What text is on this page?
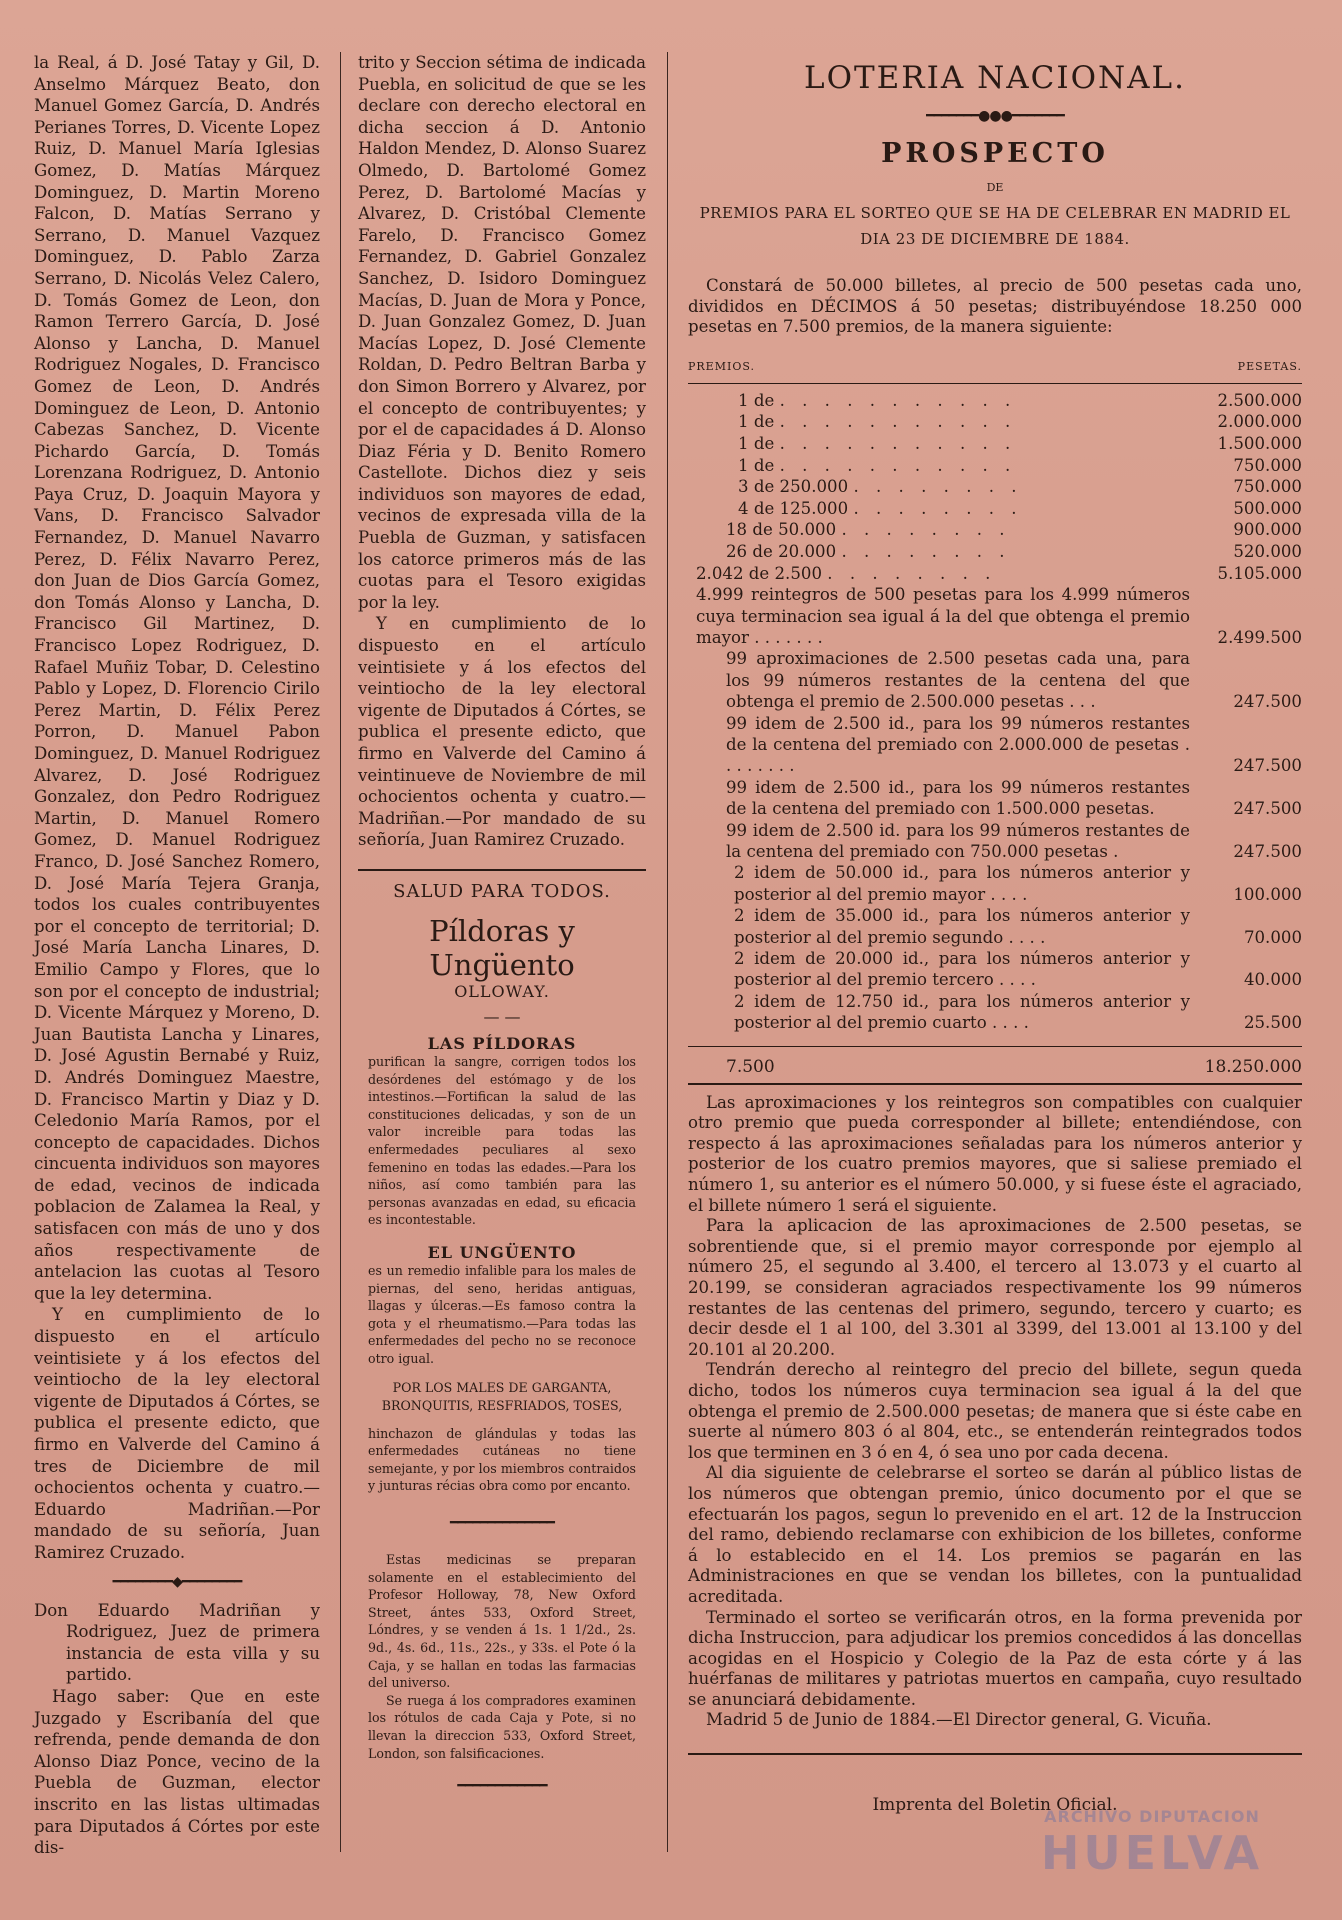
la Real, á D. José Tatay y Gil, D. Anselmo Márquez Beato, don Manuel Gomez García, D. Andrés Perianes Torres, D. Vicente Lopez Ruiz, D. Manuel María Iglesias Gomez, D. Matías Márquez Dominguez, D. Martin Moreno Falcon, D. Matías Serrano y Serrano, D. Manuel Vazquez Dominguez, D. Pablo Zarza Serrano, D. Nicolás Velez Calero, D. Tomás Gomez de Leon, don Ramon Terrero García, D. José Alonso y Lancha, D. Manuel Rodriguez Nogales, D. Francisco Gomez de Leon, D. Andrés Dominguez de Leon, D. Antonio Cabezas Sanchez, D. Vicente Pichardo García, D. Tomás Lorenzana Rodriguez, D. Antonio Paya Cruz, D. Joaquin Mayora y Vans, D. Francisco Salvador Fernandez, D. Manuel Navarro Perez, D. Félix Navarro Perez, don Juan de Dios García Gomez, don Tomás Alonso y Lancha, D. Francisco Gil Martinez, D. Francisco Lopez Rodriguez, D. Rafael Muñiz Tobar, D. Celestino Pablo y Lopez, D. Florencio Cirilo Perez Martin, D. Félix Perez Porron, D. Manuel Pabon Dominguez, D. Manuel Rodriguez Alvarez, D. José Rodriguez Gonzalez, don Pedro Rodriguez Martin, D. Manuel Romero Gomez, D. Manuel Rodriguez Franco, D. José Sanchez Romero, D. José María Tejera Granja, todos los cuales contribuyentes por el concepto de territorial; D. José María Lancha Linares, D. Emilio Campo y Flores, que lo son por el concepto de industrial; D. Vicente Márquez y Moreno, D. Juan Bautista Lancha y Linares, D. José Agustin Bernabé y Ruiz, D. Andrés Dominguez Maestre, D. Francisco Martin y Diaz y D. Celedonio María Ramos, por el concepto de capacidades. Dichos cincuenta individuos son mayores de edad, vecinos de indicada poblacion de Zalamea la Real, y satisfacen con más de uno y dos años respectivamente de antelacion las cuotas al Tesoro que la ley determina.

Y en cumplimiento de lo dispuesto en el artículo veintisiete y á los efectos del veintiocho de la ley electoral vigente de Diputados á Córtes, se publica el presente edicto, que firmo en Valverde del Camino á tres de Diciembre de mil ochocientos ochenta y cuatro.—Eduardo Madriñan.—Por mandado de su señoría, Juan Ramirez Cruzado.

━━━━━━━━◆━━━━━━━━

Don Eduardo Madriñan y Rodriguez, Juez de primera instancia de esta villa y su partido.

Hago saber: Que en este Juzgado y Escribanía del que refrenda, pende demanda de don Alonso Diaz Ponce, vecino de la Puebla de Guzman, elector inscrito en las listas ultimadas para Diputados á Córtes por este dis-

trito y Seccion sétima de indicada Puebla, en solicitud de que se les declare con derecho electoral en dicha seccion á D. Antonio Haldon Mendez, D. Alonso Suarez Olmedo, D. Bartolomé Gomez Perez, D. Bartolomé Macías y Alvarez, D. Cristóbal Clemente Farelo, D. Francisco Gomez Fernandez, D. Gabriel Gonzalez Sanchez, D. Isidoro Dominguez Macías, D. Juan de Mora y Ponce, D. Juan Gonzalez Gomez, D. Juan Macías Lopez, D. José Clemente Roldan, D. Pedro Beltran Barba y don Simon Borrero y Alvarez, por el concepto de contribuyentes; y por el de capacidades á D. Alonso Diaz Féria y D. Benito Romero Castellote. Dichos diez y seis individuos son mayores de edad, vecinos de expresada villa de la Puebla de Guzman, y satisfacen los catorce primeros más de las cuotas para el Tesoro exigidas por la ley.

Y en cumplimiento de lo dispuesto en el artículo veintisiete y á los efectos del veintiocho de la ley electoral vigente de Diputados á Córtes, se publica el presente edicto, que firmo en Valverde del Camino á veintinueve de Noviembre de mil ochocientos ochenta y cuatro.—Madriñan.—Por mandado de su señoría, Juan Ramirez Cruzado.

SALUD PARA TODOS.
Píldoras y Ungüento
OLLOWAY.
— —
LAS PÍLDORAS

purifican la sangre, corrigen todos los desórdenes del estómago y de los intestinos.—Fortifican la salud de las constituciones delicadas, y son de un valor increible para todas las enfermedades peculiares al sexo femenino en todas las edades.—Para los niños, así como también para las personas avanzadas en edad, su eficacia es incontestable.

EL UNGÜENTO

es un remedio infalible para los males de piernas, del seno, heridas antiguas, llagas y úlceras.—Es famoso contra la gota y el rheumatismo.—Para todas las enfermedades del pecho no se reconoce otro igual.

POR LOS MALES DE GARGANTA, BRONQUITIS, RESFRIADOS, TOSES,

hinchazon de glándulas y todas las enfermedades cutáneas no tiene semejante, y por los miembros contraidos y junturas récias obra como por encanto.

━━━━━━━━━━━━━━

Estas medicinas se preparan solamente en el establecimiento del Profesor Holloway, 78, New Oxford Street, ántes 533, Oxford Street, Lóndres, y se venden á 1s. 1 1/2d., 2s. 9d., 4s. 6d., 11s., 22s., y 33s. el Pote ó la Caja, y se hallan en todas las farmacias del universo.

Se ruega á los compradores examinen los rótulos de cada Caja y Pote, si no llevan la direccion 533, Oxford Street, London, son falsificaciones.

━━━━━━━━━━━━
LOTERIA NACIONAL.
━━━━━━━●●●━━━━━━━
PROSPECTO
DE
PREMIOS PARA EL SORTEO QUE SE HA DE CELEBRAR EN MADRID EL DIA 23 DE DICIEMBRE DE 1884.

Constará de 50.000 billetes, al precio de 500 pesetas cada uno, divididos en DÉCIMOS á 50 pesetas; distribuyéndose 18.250 000 pesetas en 7.500 premios, de la manera siguiente:

PREMIOS.	PESETAS.
1 de . . . . . . . . . . .	2.500.000
1 de . . . . . . . . . . .	2.000.000
1 de . . . . . . . . . . .	1.500.000
1 de . . . . . . . . . . .	750.000
3 de 250.000 . . . . . . . .	750.000
4 de 125.000 . . . . . . . .	500.000
18 de 50.000 . . . . . . . .	900.000
26 de 20.000 . . . . . . . .	520.000
2.042 de 2.500 . . . . . . . .	5.105.000
4.999 reintegros de 500 pesetas para los 4.999 números cuya terminacion sea igual á la del que obtenga el premio mayor . . . . . . .	2.499.500
99 aproximaciones de 2.500 pesetas cada una, para los 99 números restantes de la centena del que obtenga el premio de 2.500.000 pesetas . . .	247.500
99 idem de 2.500 id., para los 99 números restantes de la centena del premiado con 2.000.000 de pesetas . . . . . . . .	247.500
99 idem de 2.500 id., para los 99 números restantes de la centena del premiado con 1.500.000 pesetas.	247.500
99 idem de 2.500 id. para los 99 números restantes de la centena del premiado con 750.000 pesetas .	247.500
2 idem de 50.000 id., para los números anterior y posterior al del premio mayor . . . .	100.000
2 idem de 35.000 id., para los números anterior y posterior al del premio segundo . . . .	70.000
2 idem de 20.000 id., para los números anterior y posterior al del premio tercero . . . .	40.000
2 idem de 12.750 id., para los números anterior y posterior al del premio cuarto . . . .	25.500
7.500	18.250.000

Las aproximaciones y los reintegros son compatibles con cualquier otro premio que pueda corresponder al billete; entendiéndose, con respecto á las aproximaciones señaladas para los números anterior y posterior de los cuatro premios mayores, que si saliese premiado el número 1, su anterior es el número 50.000, y si fuese éste el agraciado, el billete número 1 será el siguiente.

Para la aplicacion de las aproximaciones de 2.500 pesetas, se sobrentiende que, si el premio mayor corresponde por ejemplo al número 25, el segundo al 3.400, el tercero al 13.073 y el cuarto al 20.199, se consideran agraciados respectivamente los 99 números restantes de las centenas del primero, segundo, tercero y cuarto; es decir desde el 1 al 100, del 3.301 al 3399, del 13.001 al 13.100 y del 20.101 al 20.200.

Tendrán derecho al reintegro del precio del billete, segun queda dicho, todos los números cuya terminacion sea igual á la del que obtenga el premio de 2.500.000 pesetas; de manera que si éste cabe en suerte al número 803 ó al 804, etc., se entenderán reintegrados todos los que terminen en 3 ó en 4, ó sea uno por cada decena.

Al dia siguiente de celebrarse el sorteo se darán al público listas de los números que obtengan premio, único documento por el que se efectuarán los pagos, segun lo prevenido en el art. 12 de la Instruccion del ramo, debiendo reclamarse con exhibicion de los billetes, conforme á lo establecido en el 14. Los premios se pagarán en las Administraciones en que se vendan los billetes, con la puntualidad acreditada.

Terminado el sorteo se verificarán otros, en la forma prevenida por dicha Instruccion, para adjudicar los premios concedidos á las doncellas acogidas en el Hospicio y Colegio de la Paz de esta córte y á las huérfanas de militares y patriotas muertos en campaña, cuyo resultado se anunciará debidamente.

Madrid 5 de Junio de 1884.—El Director general, G. Vicuña.

Imprenta del Boletin Oficial.
ARCHIVO DIPUTACION
HUELVA
